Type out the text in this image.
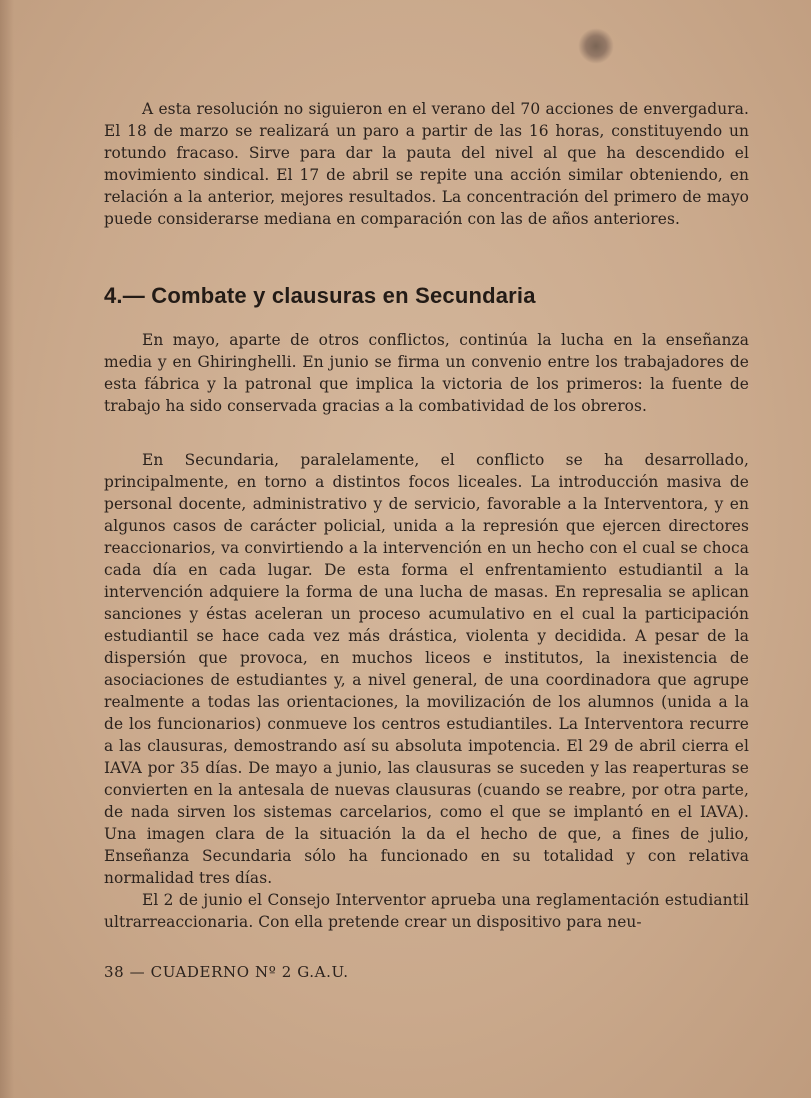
A esta resolución no siguieron en el verano del 70 acciones de envergadura. El 18 de marzo se realizará un paro a partir de las 16 horas, constituyendo un rotundo fracaso. Sirve para dar la pauta del nivel al que ha descendido el movimiento sindical. El 17 de abril se repite una acción similar obteniendo, en relación a la anterior, mejores resultados. La concentración del primero de mayo puede considerarse mediana en comparación con las de años anteriores.

4.— Combate y clausuras en Secundaria

En mayo, aparte de otros conflictos, continúa la lucha en la enseñanza media y en Ghiringhelli. En junio se firma un convenio entre los trabajadores de esta fábrica y la patronal que implica la victoria de los primeros: la fuente de trabajo ha sido conservada gracias a la combatividad de los obreros.

En Secundaria, paralelamente, el conflicto se ha desarrollado, principalmente, en torno a distintos focos liceales. La introducción masiva de personal docente, administrativo y de servicio, favorable a la Interventora, y en algunos casos de carácter policial, unida a la represión que ejercen directores reaccionarios, va convirtiendo a la intervención en un hecho con el cual se choca cada día en cada lugar. De esta forma el enfrentamiento estudiantil a la intervención adquiere la forma de una lucha de masas. En represalia se aplican sanciones y éstas aceleran un proceso acumulativo en el cual la participación estudiantil se hace cada vez más drástica, violenta y decidida. A pesar de la dispersión que provoca, en muchos liceos e institutos, la inexistencia de asociaciones de estudiantes y, a nivel general, de una coordinadora que agrupe realmente a todas las orientaciones, la movilización de los alumnos (unida a la de los funcionarios) conmueve los centros estudiantiles. La Interventora recurre a las clausuras, demostrando así su absoluta impotencia. El 29 de abril cierra el IAVA por 35 días. De mayo a junio, las clausuras se suceden y las reaperturas se convierten en la antesala de nuevas clausuras (cuando se reabre, por otra parte, de nada sirven los sistemas carcelarios, como el que se implantó en el IAVA). Una imagen clara de la situación la da el hecho de que, a fines de julio, Enseñanza Secundaria sólo ha funcionado en su totalidad y con relativa normalidad tres días.

El 2 de junio el Consejo Interventor aprueba una reglamentación estudiantil ultrarreaccionaria. Con ella pretende crear un dispositivo para neu-

38 — CUADERNO Nº 2 G.A.U.
